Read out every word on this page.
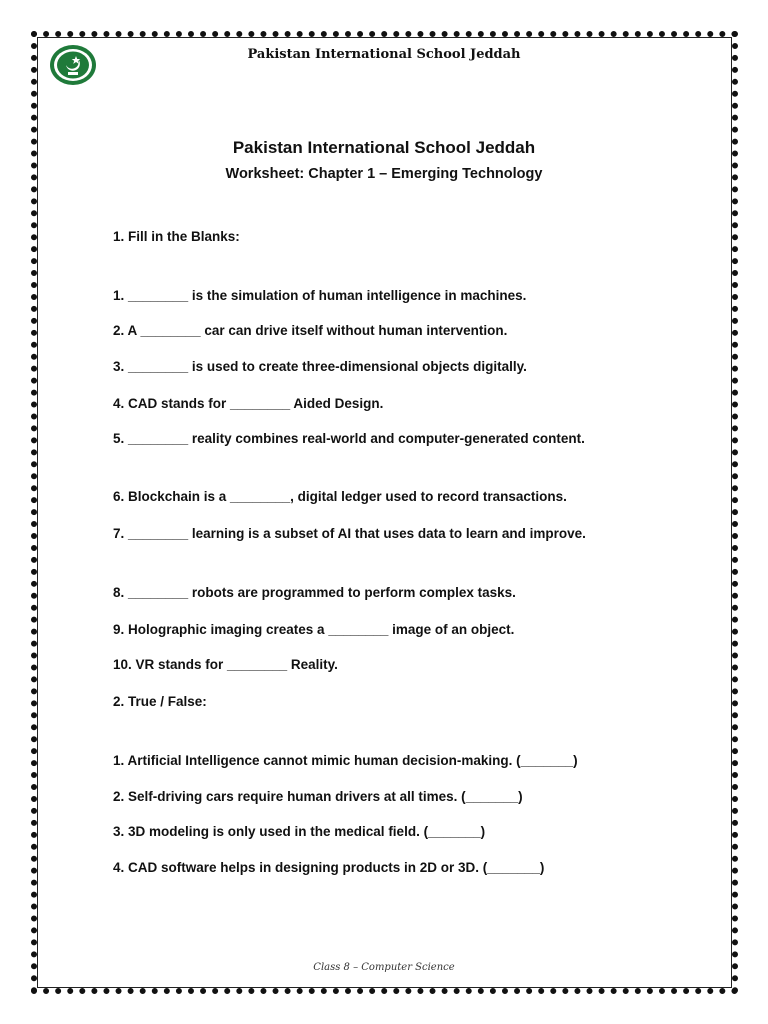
Pakistan International School Jeddah
Pakistan International School Jeddah
Worksheet: Chapter 1 – Emerging Technology
1. Fill in the Blanks:
1. ________ is the simulation of human intelligence in machines.
2. A ________ car can drive itself without human intervention.
3. ________ is used to create three-dimensional objects digitally.
4. CAD stands for ________ Aided Design.
5. ________ reality combines real-world and computer-generated content.
6. Blockchain is a ________, digital ledger used to record transactions.
7. ________ learning is a subset of AI that uses data to learn and improve.
8. ________ robots are programmed to perform complex tasks.
9. Holographic imaging creates a ________ image of an object.
10. VR stands for ________ Reality.
2. True / False:
1. Artificial Intelligence cannot mimic human decision-making. (_______)
2. Self-driving cars require human drivers at all times. (_______)
3. 3D modeling is only used in the medical field. (_______)
4. CAD software helps in designing products in 2D or 3D. (_______)
Class 8 – Computer Science
